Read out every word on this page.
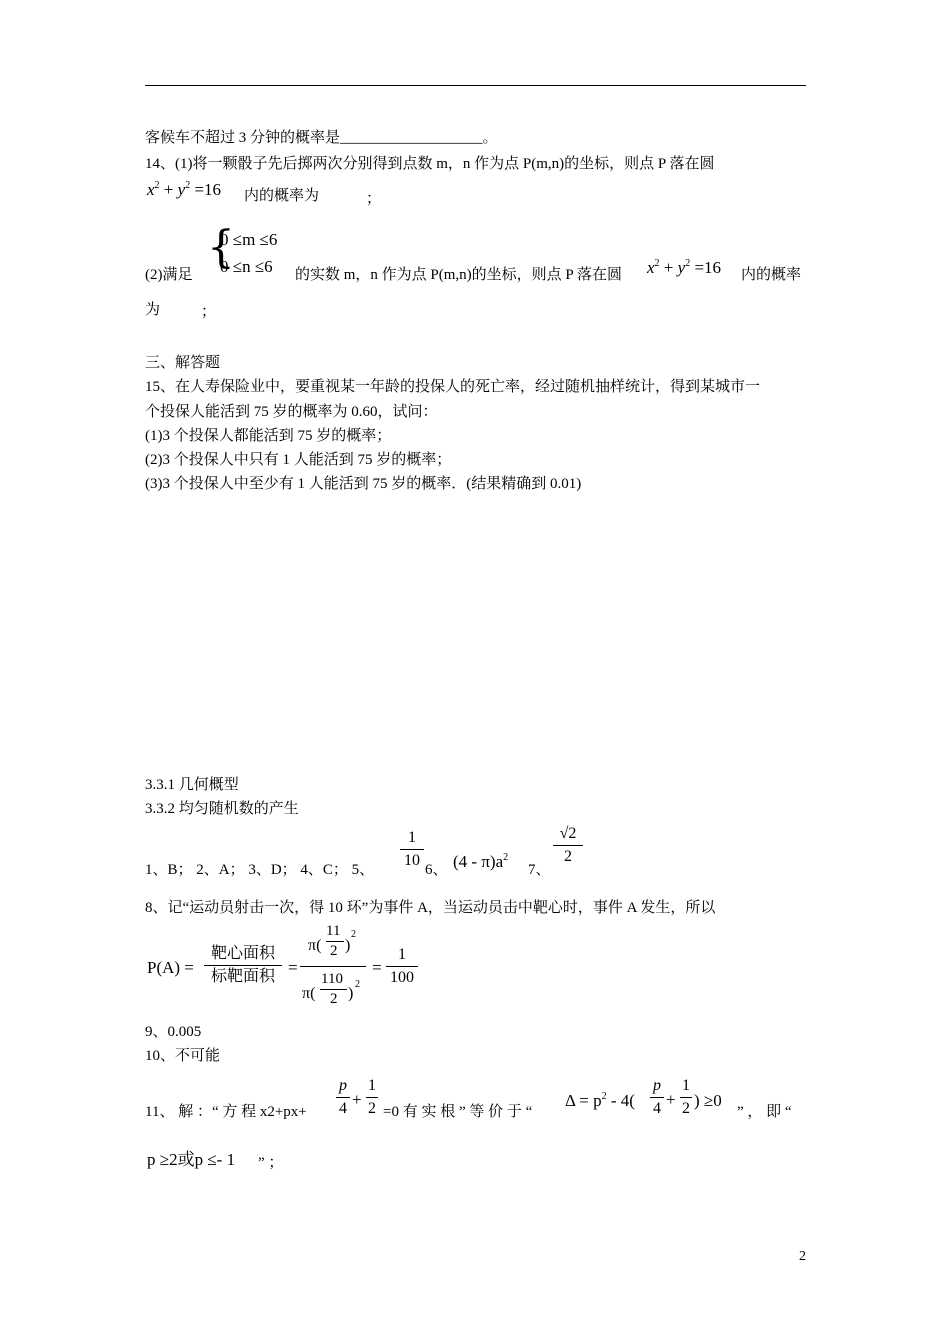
客候车不超过 3 分钟的概率是___________________。
14、(1)将一颗骰子先后掷两次分别得到点数 m，n 作为点 P(m,n)的坐标，则点 P 落在圆
$x^2 + y^2 =16$ 内的概率为	；
{
0 ≤m ≤6
0 ≤n ≤6
(2)满足	的实数 m，n 作为点 P(m,n)的坐标，则点 P 落在圆 $x^2 + y^2 =16$ 内的概率
为	；
三、解答题
15、在人寿保险业中，要重视某一年龄的投保人的死亡率，经过随机抽样统计，得到某城市一
个投保人能活到 75 岁的概率为 0.60，试问：
(1)3 个投保人都能活到 75 岁的概率；
(2)3 个投保人中只有 1 人能活到 75 岁的概率；
(3)3 个投保人中至少有 1 人能活到 75 岁的概率．(结果精确到 0.01)
3.3.1 几何概型
3.3.2 均匀随机数的产生
1、B； 2、A； 3、D； 4、C； 5、
1
10
6、 $(4 - \pi)a^2$
7、
√2
2
8、记“运动员射击一次，得 10 环”为事件 A，当运动员击中靶心时，事件 A 发生，所以
P(A) =
靶心面积
标靶面积 =
π(
11
2 )
2
π(
110
2 )
2
=
1
100
9、0.005
10、不可能
11、 解 ：“ 方 程 x2+px+
p
4 +
1
2 =0 有 实 根 ” 等 价 于 “
$\Delta = p^2 - 4$(
p
4 +
1
2 ) ≥0
” ， 即 “
p ≥2或p ≤- 1 ” ；
2
